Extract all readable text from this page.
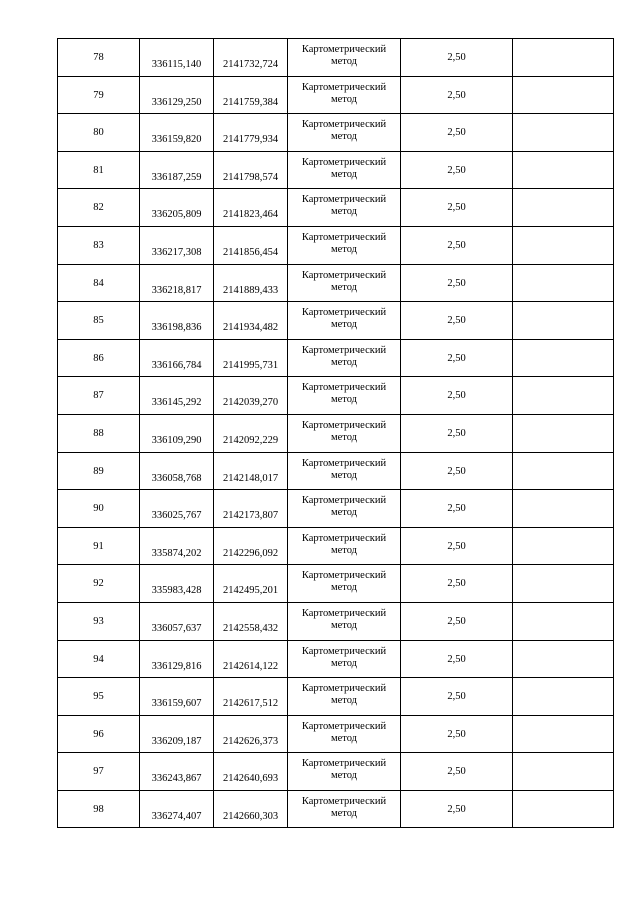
78	336115,140	2141732,724	Картометрический метод	2,50	
79	336129,250	2141759,384	Картометрический метод	2,50	
80	336159,820	2141779,934	Картометрический метод	2,50	
81	336187,259	2141798,574	Картометрический метод	2,50	
82	336205,809	2141823,464	Картометрический метод	2,50	
83	336217,308	2141856,454	Картометрический метод	2,50	
84	336218,817	2141889,433	Картометрический метод	2,50	
85	336198,836	2141934,482	Картометрический метод	2,50	
86	336166,784	2141995,731	Картометрический метод	2,50	
87	336145,292	2142039,270	Картометрический метод	2,50	
88	336109,290	2142092,229	Картометрический метод	2,50	
89	336058,768	2142148,017	Картометрический метод	2,50	
90	336025,767	2142173,807	Картометрический метод	2,50	
91	335874,202	2142296,092	Картометрический метод	2,50	
92	335983,428	2142495,201	Картометрический метод	2,50	
93	336057,637	2142558,432	Картометрический метод	2,50	
94	336129,816	2142614,122	Картометрический метод	2,50	
95	336159,607	2142617,512	Картометрический метод	2,50	
96	336209,187	2142626,373	Картометрический метод	2,50	
97	336243,867	2142640,693	Картометрический метод	2,50	
98	336274,407	2142660,303	Картометрический метод	2,50	
